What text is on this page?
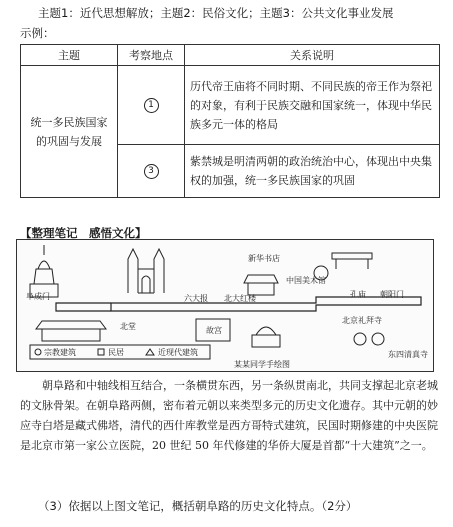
主题1：近代思想解放；主题2：民俗文化；主题3：公共文化事业发展
示例：
主题	考察地点	关系说明
统一多民族国家的巩固与发展	1	历代帝王庙将不同时期、不同民族的帝王作为祭祀的对象，有利于民族交融和国家统一，体现中华民族多元一体的格局
	3	紫禁城是明清两朝的政治统治中心，体现出中央集权的加强，统一多民族国家的巩固
【整理笔记　感悟文化】
故宫
六大报 北大红楼
新华书店
中国美术馆
孔庙 朝阳门
北京礼拜寺
东四清真寺
北堂
阜成门
宗教建筑	民居	近现代建筑
某某同学手绘图
朝阜路和中轴线相互结合，一条横贯东西，另一条纵贯南北，共同支撑起北京老城的文脉骨架。在朝阜路两侧，密布着元朝以来类型多元的历史文化遗存。其中元朝的妙应寺白塔是藏式佛塔，清代的西什库教堂是西方哥特式建筑，民国时期修建的中央医院是北京市第一家公立医院，20 世纪 50 年代修建的华侨大厦是首都“十大建筑”之一。
（3）依据以上图文笔记，概括朝阜路的历史文化特点。（2分）
